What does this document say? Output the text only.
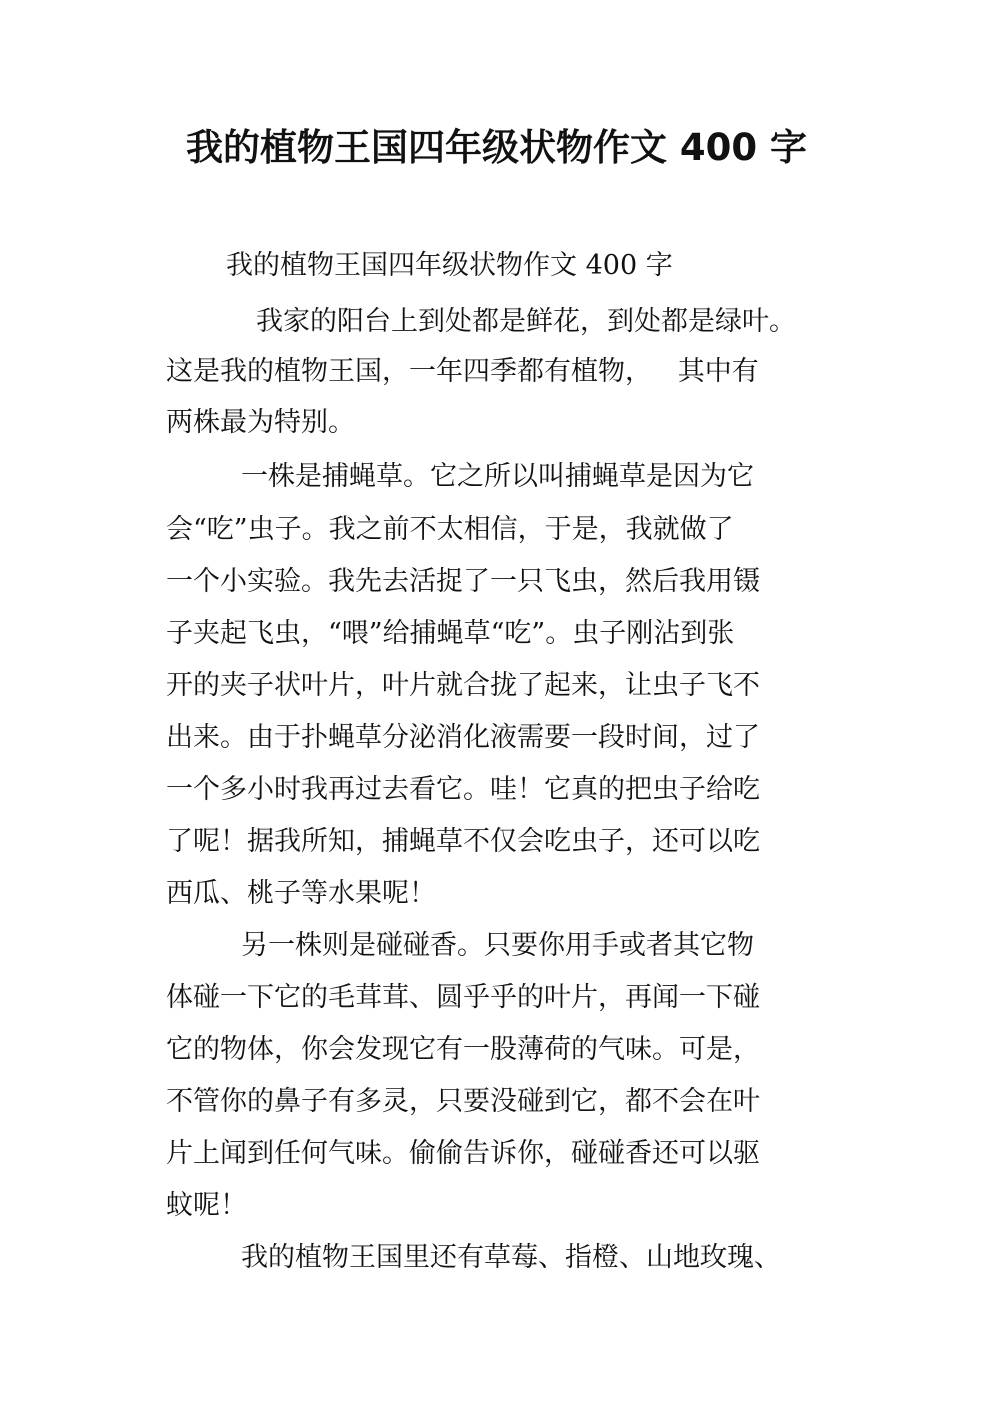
我的植物王国四年级状物作文 400 字

我的植物王国四年级状物作文 400 字

我家的阳台上到处都是鲜花，到处都是绿叶。

这是我的植物王国，一年四季都有植物，   其中有

两株最为特别。

一株是捕蝇草。它之所以叫捕蝇草是因为它

会“吃”虫子。我之前不太相信，于是，我就做了

一个小实验。我先去活捉了一只飞虫，然后我用镊

子夹起飞虫，“喂”给捕蝇草“吃”。虫子刚沾到张

开的夹子状叶片，叶片就合拢了起来，让虫子飞不

出来。由于扑蝇草分泌消化液需要一段时间，过了

一个多小时我再过去看它。哇！它真的把虫子给吃

了呢！据我所知，捕蝇草不仅会吃虫子，还可以吃

西瓜、桃子等水果呢！

另一株则是碰碰香。只要你用手或者其它物

体碰一下它的毛茸茸、圆乎乎的叶片，再闻一下碰

它的物体，你会发现它有一股薄荷的气味。可是，

不管你的鼻子有多灵，只要没碰到它，都不会在叶

片上闻到任何气味。偷偷告诉你，碰碰香还可以驱

蚊呢！

我的植物王国里还有草莓、指橙、山地玫瑰、
